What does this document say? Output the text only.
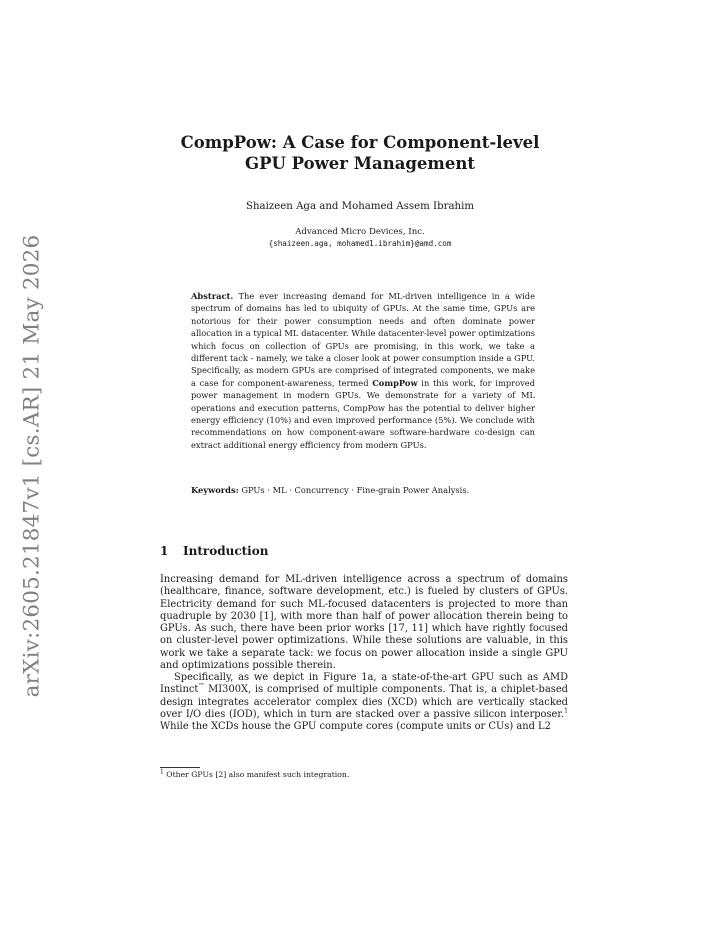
arXiv:2605.21847v1 [cs.AR] 21 May 2026
CompPow: A Case for Component-level
GPU Power Management
Shaizeen Aga and Mohamed Assem Ibrahim
Advanced Micro Devices, Inc.
{shaizeen.aga, mohamed1.ibrahim}@amd.com
Abstract. The ever increasing demand for ML-driven intelligence in a wide spectrum of domains has led to ubiquity of GPUs. At the same time, GPUs are notorious for their power consumption needs and often dominate power allocation in a typical ML datacenter. While datacenter-level power optimizations which focus on collection of GPUs are promising, in this work, we take a different tack - namely, we take a closer look at power consumption inside a GPU. Specifically, as modern GPUs are comprised of integrated components, we make a case for component-awareness, termed CompPow in this work, for improved power management in modern GPUs. We demonstrate for a variety of ML operations and execution patterns, CompPow has the potential to deliver higher energy efficiency (10%) and even improved performance (5%). We conclude with recommendations on how component-aware software-hardware co-design can extract additional energy efficiency from modern GPUs.
Keywords: GPUs · ML · Concurrency · Fine-grain Power Analysis.
1 Introduction

Increasing demand for ML-driven intelligence across a spectrum of domains (healthcare, finance, software development, etc.) is fueled by clusters of GPUs. Electricity demand for such ML-focused datacenters is projected to more than quadruple by 2030 [1], with more than half of power allocation therein being to GPUs. As such, there have been prior works [17, 11] which have rightly focused on cluster-level power optimizations. While these solutions are valuable, in this work we take a separate tack: we focus on power allocation inside a single GPU and optimizations possible therein.

Specifically, as we depict in Figure 1a, a state-of-the-art GPU such as AMD Instinct™ MI300X, is comprised of multiple components. That is, a chiplet-based design integrates accelerator complex dies (XCD) which are vertically stacked over I/O dies (IOD), which in turn are stacked over a passive silicon interposer.$^1$ While the XCDs house the GPU compute cores (compute units or CUs) and L2

$^1$ Other GPUs [2] also manifest such integration.
